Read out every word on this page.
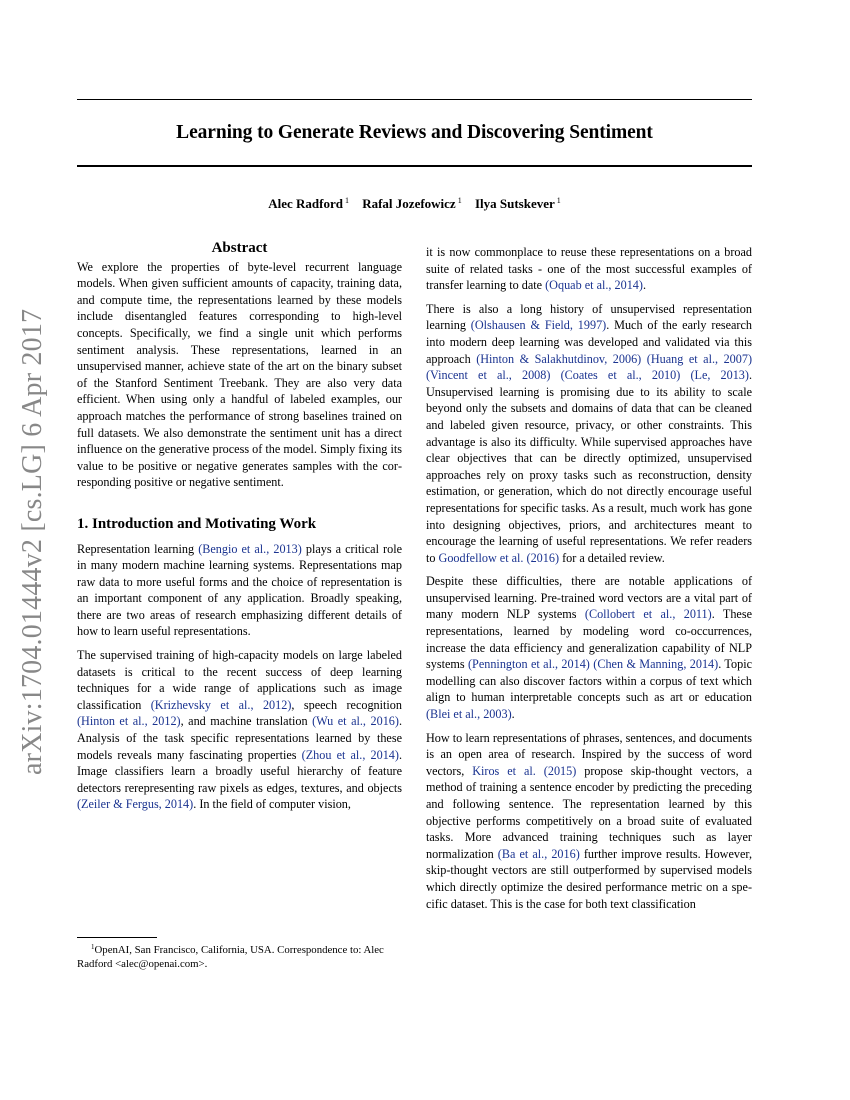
Learning to Generate Reviews and Discovering Sentiment
Alec Radford $^1$ Rafal Jozefowicz $^1$ Ilya Sutskever $^1$
arXiv:1704.01444v2 [cs.LG] 6 Apr 2017
Abstract

We explore the properties of byte-level recurrent language models. When given sufficient amounts of capacity, training data, and compute time, the representations learned by these models include disentangled features corresponding to high-level concepts. Specifically, we find a single unit which performs sentiment analysis. These representations, learned in an unsupervised manner, achieve state of the art on the binary subset of the Stanford Sentiment Treebank. They are also very data efficient. When using only a handful of labeled examples, our approach matches the performance of strong baselines trained on full datasets. We also demonstrate the sentiment unit has a direct influence on the generative process of the model. Simply fixing its value to be positive or negative generates samples with the corresponding positive or negative sentiment.

1. Introduction and Motivating Work

Representation learning (Bengio et al., 2013) plays a critical role in many modern machine learning systems. Representations map raw data to more useful forms and the choice of representation is an important component of any application. Broadly speaking, there are two areas of research emphasizing different details of how to learn useful representations.

The supervised training of high-capacity models on large labeled datasets is critical to the recent success of deep learning techniques for a wide range of applications such as image classification (Krizhevsky et al., 2012), speech recognition (Hinton et al., 2012), and machine translation (Wu et al., 2016). Analysis of the task specific representations learned by these models reveals many fascinating properties (Zhou et al., 2014). Image classifiers learn a broadly useful hierarchy of feature detectors rerepresenting raw pixels as edges, textures, and objects (Zeiler & Fergus, 2014). In the field of computer vision,

$^1$OpenAI, San Francisco, California, USA. Correspondence to: Alec Radford <alec@openai.com>.

it is now commonplace to reuse these representations on a broad suite of related tasks - one of the most successful examples of transfer learning to date (Oquab et al., 2014).

There is also a long history of unsupervised representation learning (Olshausen & Field, 1997). Much of the early research into modern deep learning was developed and validated via this approach (Hinton & Salakhutdinov, 2006) (Huang et al., 2007) (Vincent et al., 2008) (Coates et al., 2010) (Le, 2013). Unsupervised learning is promising due to its ability to scale beyond only the subsets and domains of data that can be cleaned and labeled given resource, privacy, or other constraints. This advantage is also its difficulty. While supervised approaches have clear objectives that can be directly optimized, unsupervised approaches rely on proxy tasks such as reconstruction, density estimation, or generation, which do not directly encourage useful representations for specific tasks. As a result, much work has gone into designing objectives, priors, and architectures meant to encourage the learning of useful representations. We refer readers to Goodfellow et al. (2016) for a detailed review.

Despite these difficulties, there are notable applications of unsupervised learning. Pre-trained word vectors are a vital part of many modern NLP systems (Collobert et al., 2011). These representations, learned by modeling word co-occurrences, increase the data efficiency and generalization capability of NLP systems (Pennington et al., 2014) (Chen & Manning, 2014). Topic modelling can also discover factors within a corpus of text which align to human interpretable concepts such as art or education (Blei et al., 2003).

How to learn representations of phrases, sentences, and documents is an open area of research. Inspired by the success of word vectors, Kiros et al. (2015) propose skip-thought vectors, a method of training a sentence encoder by predicting the preceding and following sentence. The representation learned by this objective performs competitively on a broad suite of evaluated tasks. More advanced training techniques such as layer normalization (Ba et al., 2016) further improve results. However, skip-thought vectors are still outperformed by supervised models which directly optimize the desired performance metric on a specific dataset. This is the case for both text classification
